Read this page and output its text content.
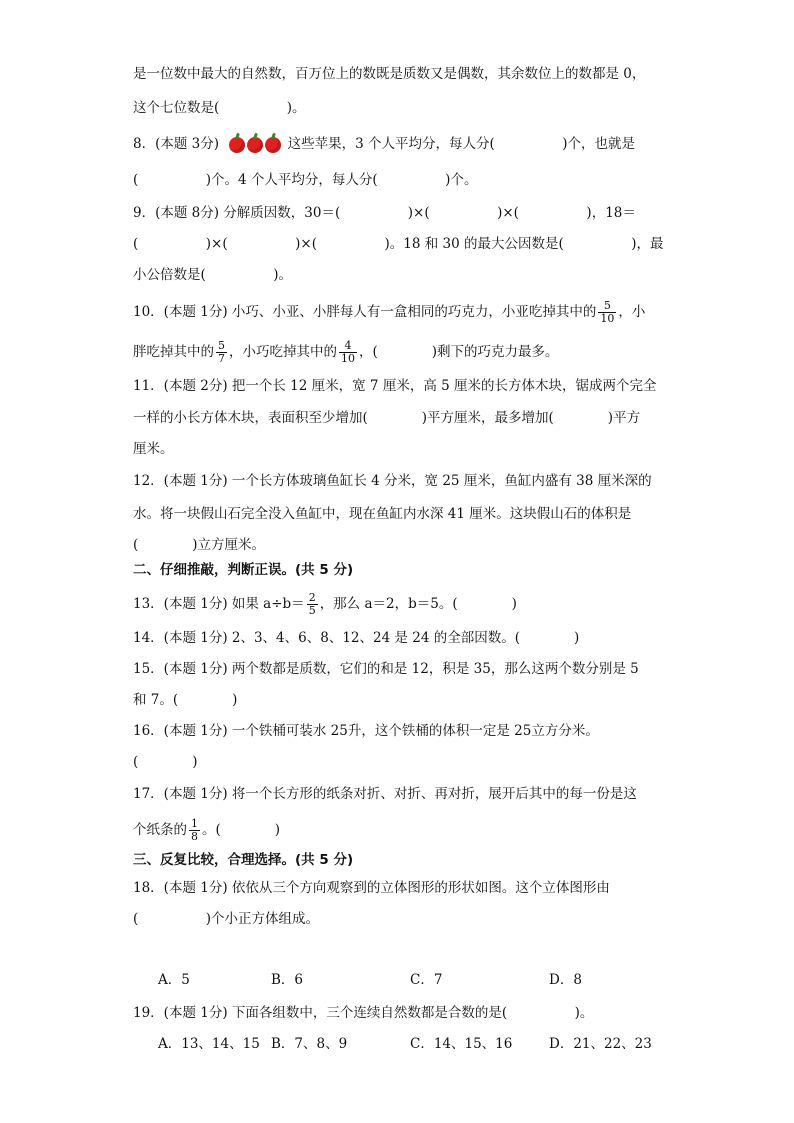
是一位数中最大的自然数，百万位上的数既是质数又是偶数，其余数位上的数都是 0，
这个七位数是(　　　　　)。
8．(本题 3分)	这些苹果，3 个人平均分，每人分(　　　　　)个，也就是
(　　　　　)个。4 个人平均分，每人分(　　　　　)个。
9．(本题 8分) 分解质因数，30＝(　　　　　)×(　　　　　)×(　　　　　)，18＝
(　　　　　)×(　　　　　)×(　　　　　)。18 和 30 的最大公因数是(　　　　　)，最
小公倍数是(　　　　　)。
10．(本题 1分) 小巧、小亚、小胖每人有一盒相同的巧克力，小亚吃掉其中的 $\frac{5}{10}$ ，小
胖吃掉其中的 $\frac{5}{7}$ ，小巧吃掉其中的 $\frac{4}{10}$ ，(　　　　)剩下的巧克力最多。
11．(本题 2分) 把一个长 12 厘米，宽 7 厘米，高 5 厘米的长方体木块，锯成两个完全
一样的小长方体木块，表面积至少增加(　　　　)平方厘米，最多增加(　　　　)平方
厘米。
12．(本题 1分) 一个长方体玻璃鱼缸长 4 分米，宽 25 厘米，鱼缸内盛有 38 厘米深的
水。将一块假山石完全没入鱼缸中，现在鱼缸内水深 41 厘米。这块假山石的体积是
(　　　　)立方厘米。
二、仔细推敲，判断正误。(共 5 分)
13．(本题 1分) 如果 $a\div b= \frac{2}{5}$ ，那么 a＝2，b＝5。(　　　　)
14．(本题 1分) 2、3、4、6、8、12、24 是 24 的全部因数。(　　　　)
15．(本题 1分) 两个数都是质数，它们的和是 12，积是 35，那么这两个数分别是 5
和 7。(　　　　)
16．(本题 1分) 一个铁桶可装水 25升，这个铁桶的体积一定是 25立方分米。
(　　　　)
17．(本题 1分) 将一个长方形的纸条对折、对折、再对折，展开后其中的每一份是这
个纸条的 $\frac{1}{8}$ 。(　　　　)
三、反复比较，合理选择。(共 5 分)
18．(本题 1分) 依依从三个方向观察到的立体图形的形状如图。这个立体图形由
(　　　　　)个小正方体组成。
A．5	B．6	C．7	D．8
19．(本题 1分) 下面各组数中，三个连续自然数都是合数的是(　　　　　)。
A．13、14、15 B．7、8、9	C．14、15、16	D．21、22、23
